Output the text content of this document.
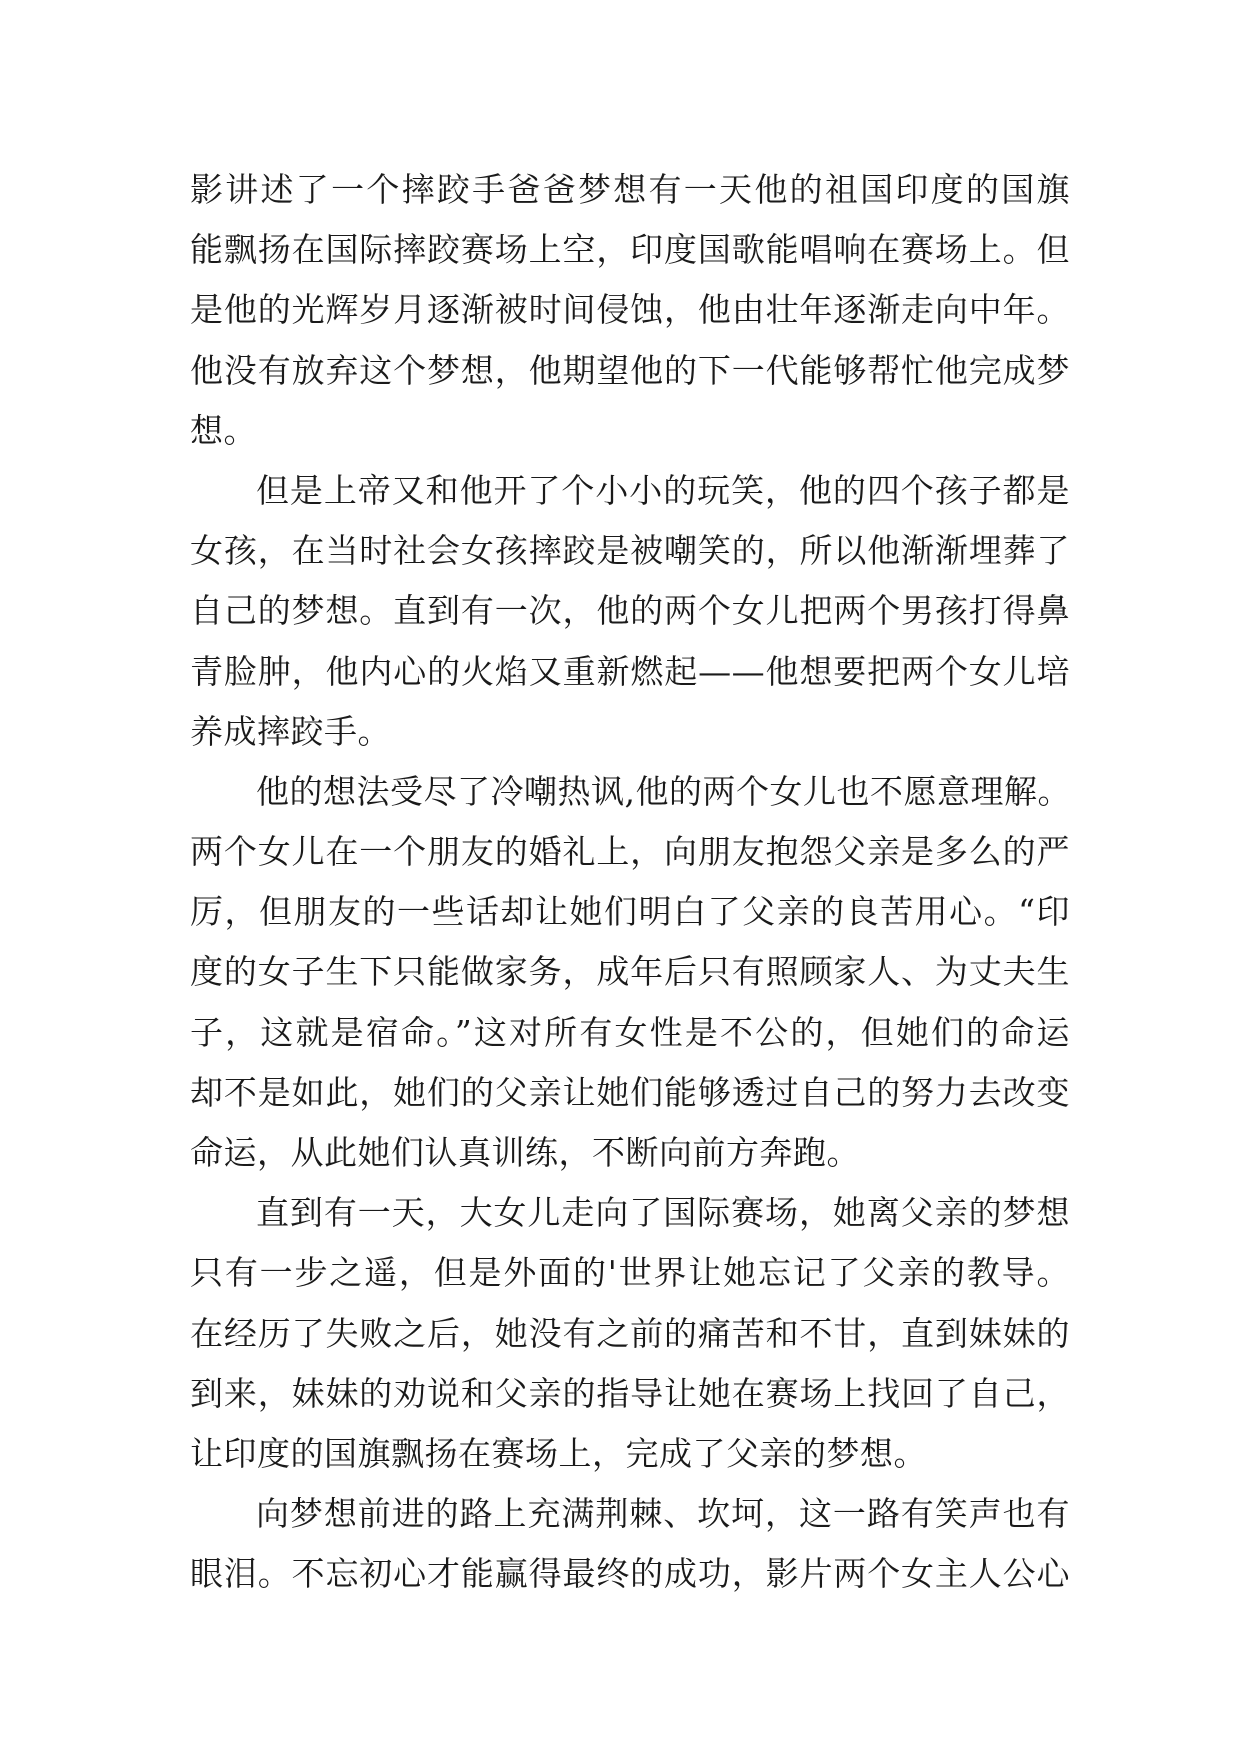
影讲述了一个摔跤手爸爸梦想有一天他的祖国印度的国旗
能飘扬在国际摔跤赛场上空，印度国歌能唱响在赛场上。但
是他的光辉岁月逐渐被时间侵蚀，他由壮年逐渐走向中年。
他没有放弃这个梦想，他期望他的下一代能够帮忙他完成梦
想。
但是上帝又和他开了个小小的玩笑，他的四个孩子都是
女孩，在当时社会女孩摔跤是被嘲笑的，所以他渐渐埋葬了
自己的梦想。直到有一次，他的两个女儿把两个男孩打得鼻
青脸肿，他内心的火焰又重新燃起——他想要把两个女儿培
养成摔跤手。
他的想法受尽了冷嘲热讽,他的两个女儿也不愿意理解。
两个女儿在一个朋友的婚礼上，向朋友抱怨父亲是多么的严
厉，但朋友的一些话却让她们明白了父亲的良苦用心。“印
度的女子生下只能做家务，成年后只有照顾家人、为丈夫生
子，这就是宿命。”这对所有女性是不公的，但她们的命运
却不是如此，她们的父亲让她们能够透过自己的努力去改变
命运，从此她们认真训练，不断向前方奔跑。
直到有一天，大女儿走向了国际赛场，她离父亲的梦想
只有一步之遥，但是外面的'世界让她忘记了父亲的教导。
在经历了失败之后，她没有之前的痛苦和不甘，直到妹妹的
到来，妹妹的劝说和父亲的指导让她在赛场上找回了自己，
让印度的国旗飘扬在赛场上，完成了父亲的梦想。
向梦想前进的路上充满荆棘、坎坷，这一路有笑声也有
眼泪。不忘初心才能赢得最终的成功，影片两个女主人公心
